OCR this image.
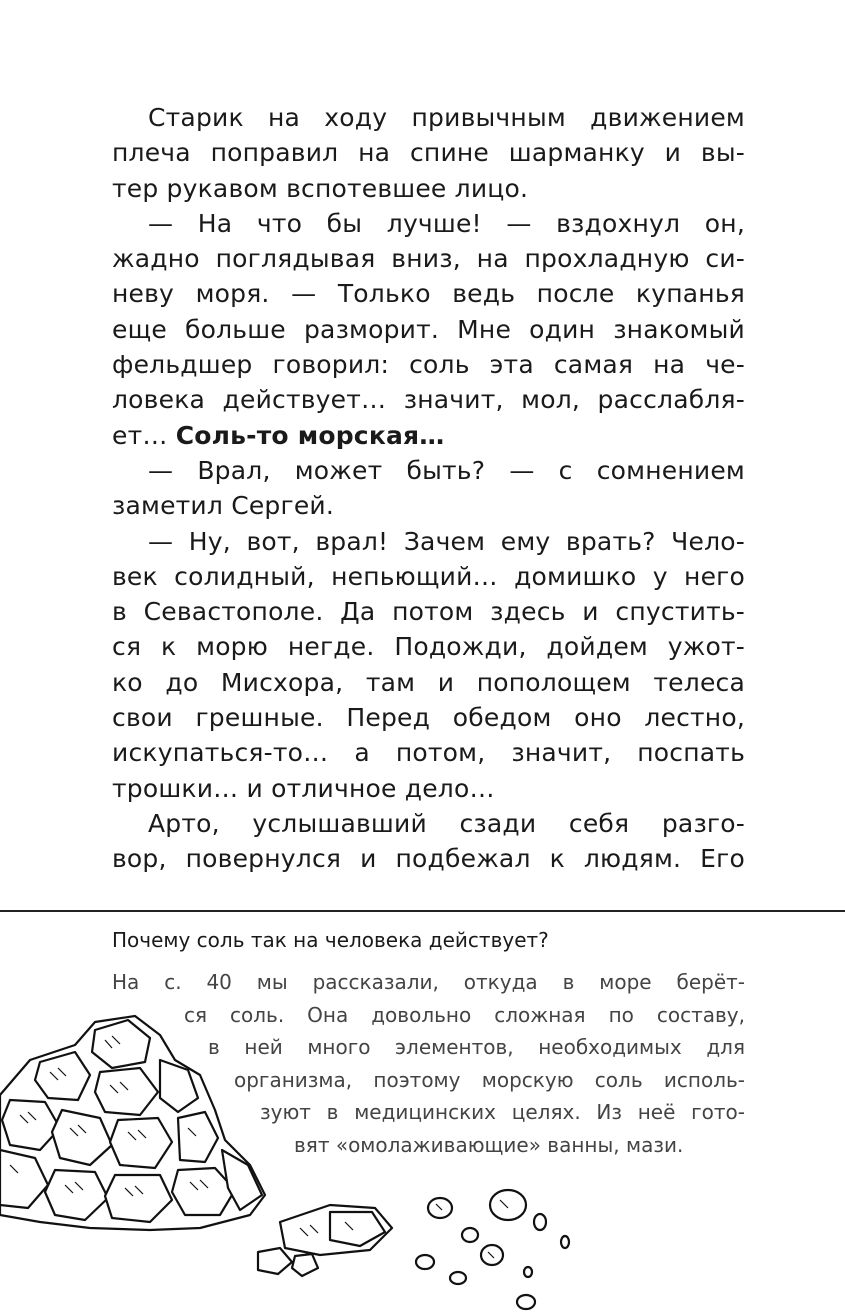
Старик на ходу привычным движением
плеча поправил на спине шарманку и вы-
тер рукавом вспотевшее лицо.
— На что бы лучше! — вздохнул он,
жадно поглядывая вниз, на прохладную си-
неву моря. — Только ведь после купанья
еще больше разморит. Мне один знакомый
фельдшер говорил: соль эта самая на че-
ловека действует… значит, мол, расслабля-
ет… Соль-то морская…
— Врал, может быть? — с сомнением
заметил Сергей.
— Ну, вот, врал! Зачем ему врать? Чело-
век солидный, непьющий… домишко у него
в Севастополе. Да потом здесь и спустить-
ся к морю негде. Подожди, дойдем ужот-
ко до Мисхора, там и пополощем телеса
свои грешные. Перед обедом оно лестно,
искупаться-то… а потом, значит, поспать
трошки… и отличное дело…
Арто, услышавший сзади себя разго-
вор, повернулся и подбежал к людям. Его
Почему соль так на человека действует?
На с. 40 мы рассказали, откуда в море берёт-
ся соль. Она довольно сложная по составу,
в ней много элементов, необходимых для
организма, поэтому морскую соль исполь-
зуют в медицинских целях. Из неё гото-
вят «омолаживающие» ванны, мази.
